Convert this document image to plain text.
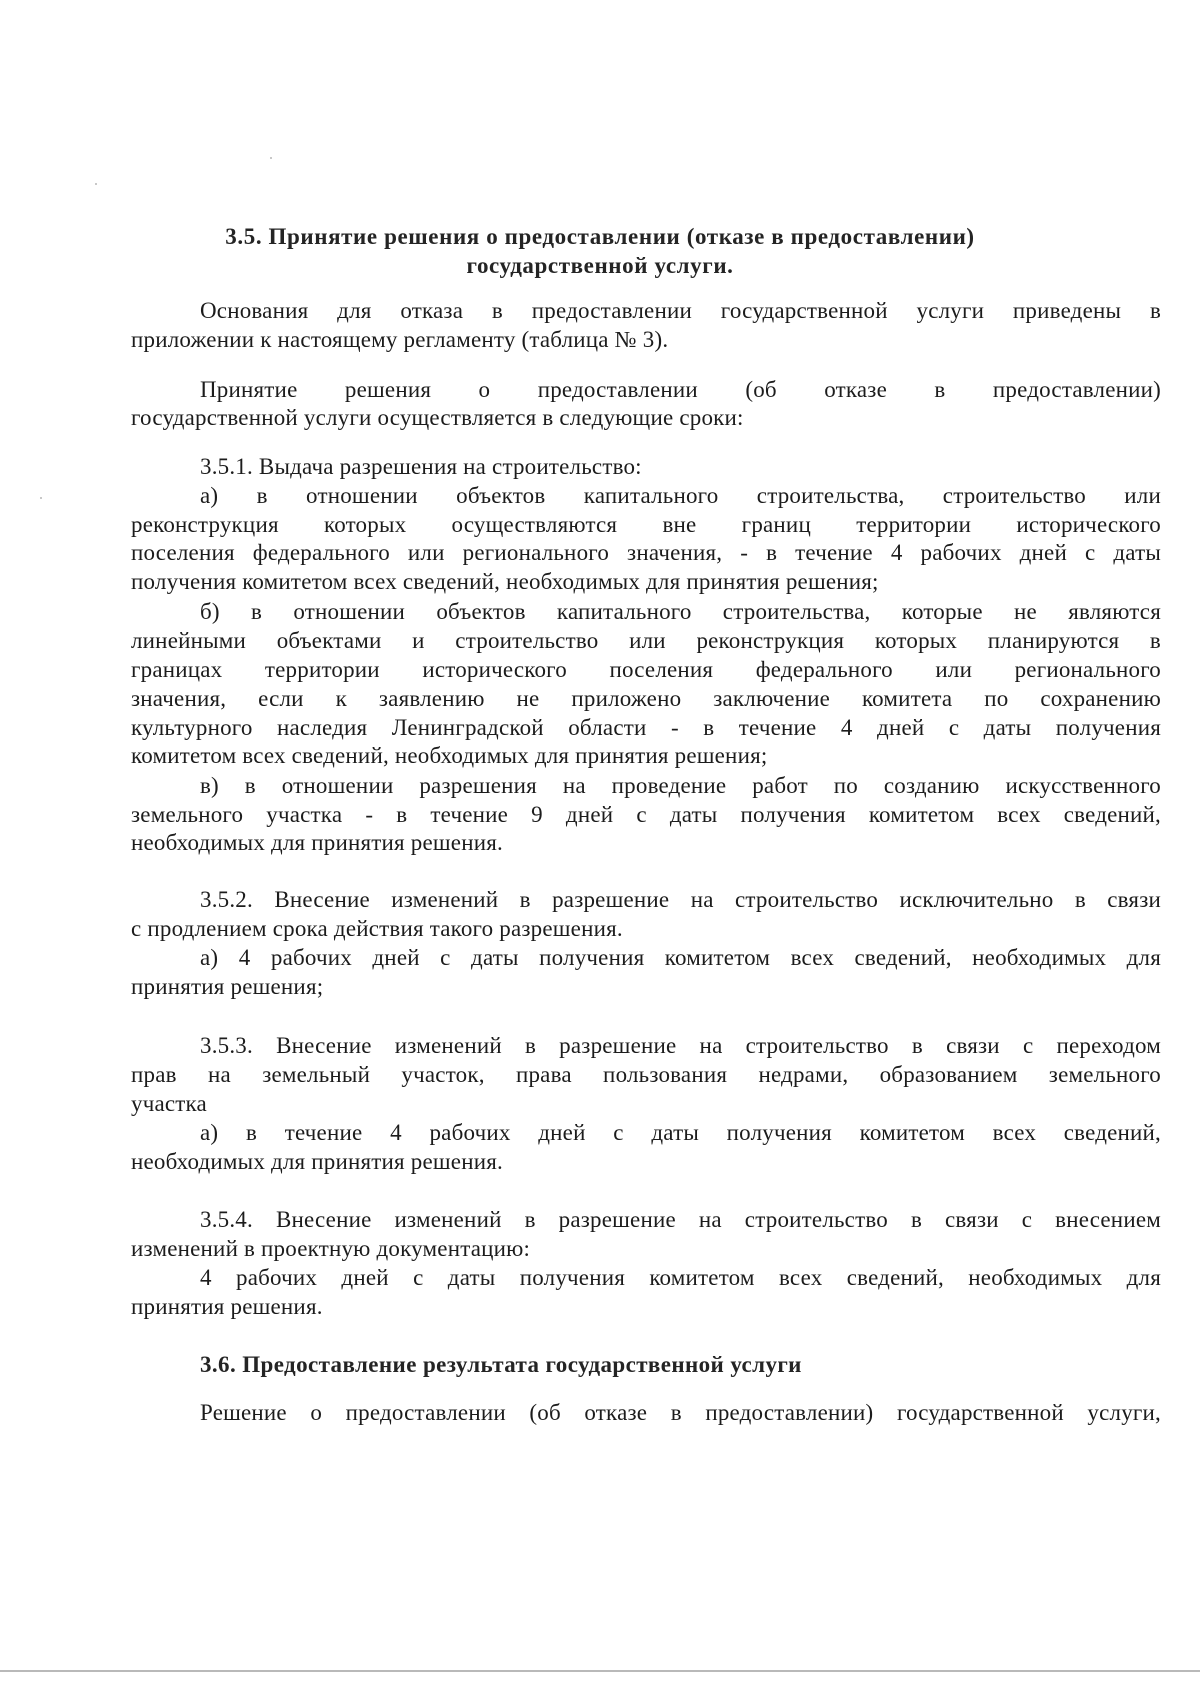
3.5. Принятие решения о предоставлении (отказе в предоставлении)
государственной услуги.
Основания для отказа в предоставлении государственной услуги приведены в
приложении к настоящему регламенту (таблица № 3).
Принятие решения о предоставлении (об отказе в предоставлении)
государственной услуги осуществляется в следующие сроки:
3.5.1. Выдача разрешения на строительство:
а) в отношении объектов капитального строительства, строительство или
реконструкция которых осуществляются вне границ территории исторического
поселения федерального или регионального значения, - в течение 4 рабочих дней с даты
получения комитетом всех сведений, необходимых для принятия решения;
б) в отношении объектов капитального строительства, которые не являются
линейными объектами и строительство или реконструкция которых планируются в
границах территории исторического поселения федерального или регионального
значения, если к заявлению не приложено заключение комитета по сохранению
культурного наследия Ленинградской области - в течение 4 дней с даты получения
комитетом всех сведений, необходимых для принятия решения;
в) в отношении разрешения на проведение работ по созданию искусственного
земельного участка - в течение 9 дней с даты получения комитетом всех сведений,
необходимых для принятия решения.
3.5.2. Внесение изменений в разрешение на строительство исключительно в связи
с продлением срока действия такого разрешения.
а) 4 рабочих дней с даты получения комитетом всех сведений, необходимых для
принятия решения;
3.5.3. Внесение изменений в разрешение на строительство в связи с переходом
прав на земельный участок, права пользования недрами, образованием земельного
участка
а) в течение 4 рабочих дней с даты получения комитетом всех сведений,
необходимых для принятия решения.
3.5.4. Внесение изменений в разрешение на строительство в связи с внесением
изменений в проектную документацию:
4 рабочих дней с даты получения комитетом всех сведений, необходимых для
принятия решения.
3.6. Предоставление результата государственной услуги
Решение о предоставлении (об отказе в предоставлении) государственной услуги,
